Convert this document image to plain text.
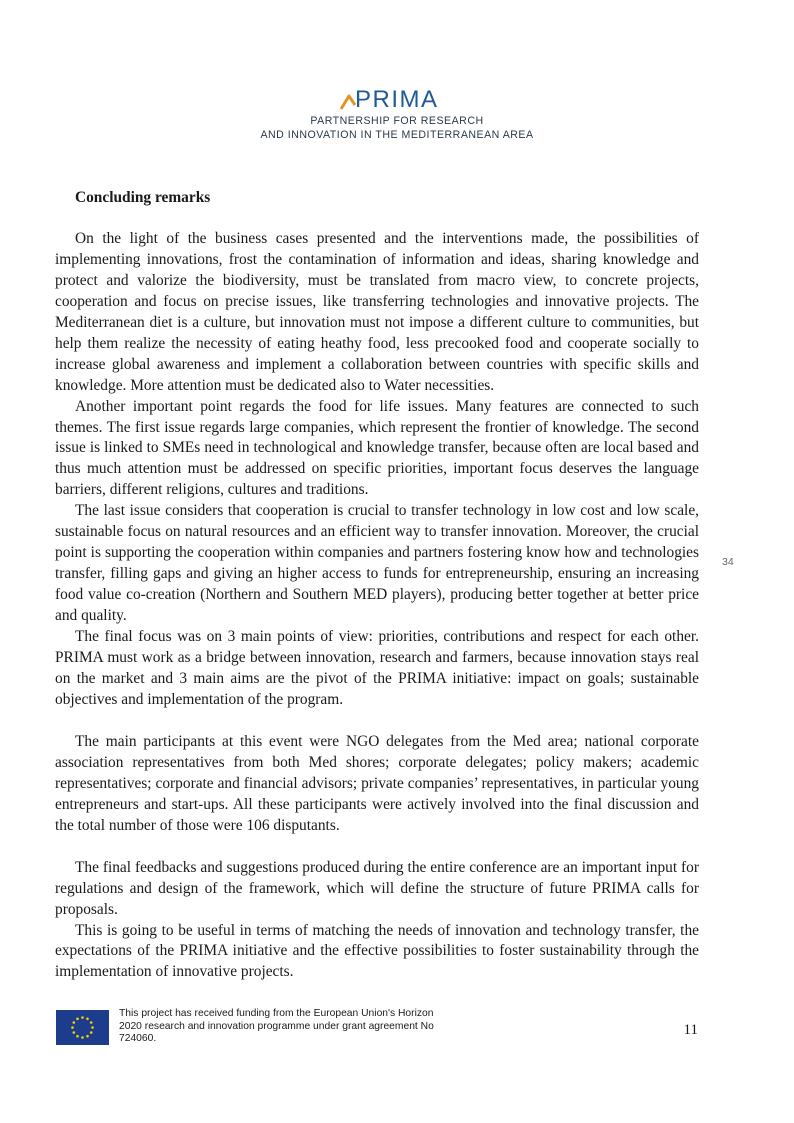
PRIMA
PARTNERSHIP FOR RESEARCH
AND INNOVATION IN THE MEDITERRANEAN AREA
Concluding remarks

On the light of the business cases presented and the interventions made, the possibilities of implementing innovations, frost the contamination of information and ideas, sharing knowledge and protect and valorize the biodiversity, must be translated from macro view, to concrete projects, cooperation and focus on precise issues, like transferring technologies and innovative projects. The Mediterranean diet is a culture, but innovation must not impose a different culture to communities, but help them realize the necessity of eating heathy food, less precooked food and cooperate socially to increase global awareness and implement a collaboration between countries with specific skills and knowledge. More attention must be dedicated also to Water necessities.

Another important point regards the food for life issues. Many features are connected to such themes. The first issue regards large companies, which represent the frontier of knowledge. The second issue is linked to SMEs need in technological and knowledge transfer, because often are local based and thus much attention must be addressed on specific priorities, important focus deserves the language barriers, different religions, cultures and traditions.

The last issue considers that cooperation is crucial to transfer technology in low cost and low scale, sustainable focus on natural resources and an efficient way to transfer innovation. Moreover, the crucial point is supporting the cooperation within companies and partners fostering know how and technologies transfer, filling gaps and giving an higher access to funds for entrepreneurship, ensuring an increasing food value co-creation (Northern and Southern MED players), producing better together at better price and quality.

The final focus was on 3 main points of view: priorities, contributions and respect for each other. PRIMA must work as a bridge between innovation, research and farmers, because innovation stays real on the market and 3 main aims are the pivot of the PRIMA initiative: impact on goals; sustainable objectives and implementation of the program.

The main participants at this event were NGO delegates from the Med area; national corporate association representatives from both Med shores; corporate delegates; policy makers; academic representatives; corporate and financial advisors; private companies’ representatives, in particular young entrepreneurs and start-ups. All these participants were actively involved into the final discussion and the total number of those were 106 disputants.

The final feedbacks and suggestions produced during the entire conference are an important input for regulations and design of the framework, which will define the structure of future PRIMA calls for proposals.

This is going to be useful in terms of matching the needs of innovation and technology transfer, the expectations of the PRIMA initiative and the effective possibilities to foster sustainability through the implementation of innovative projects.

34
This project has received funding from the European Union's Horizon
2020 research and innovation programme under grant agreement No
724060.
11
